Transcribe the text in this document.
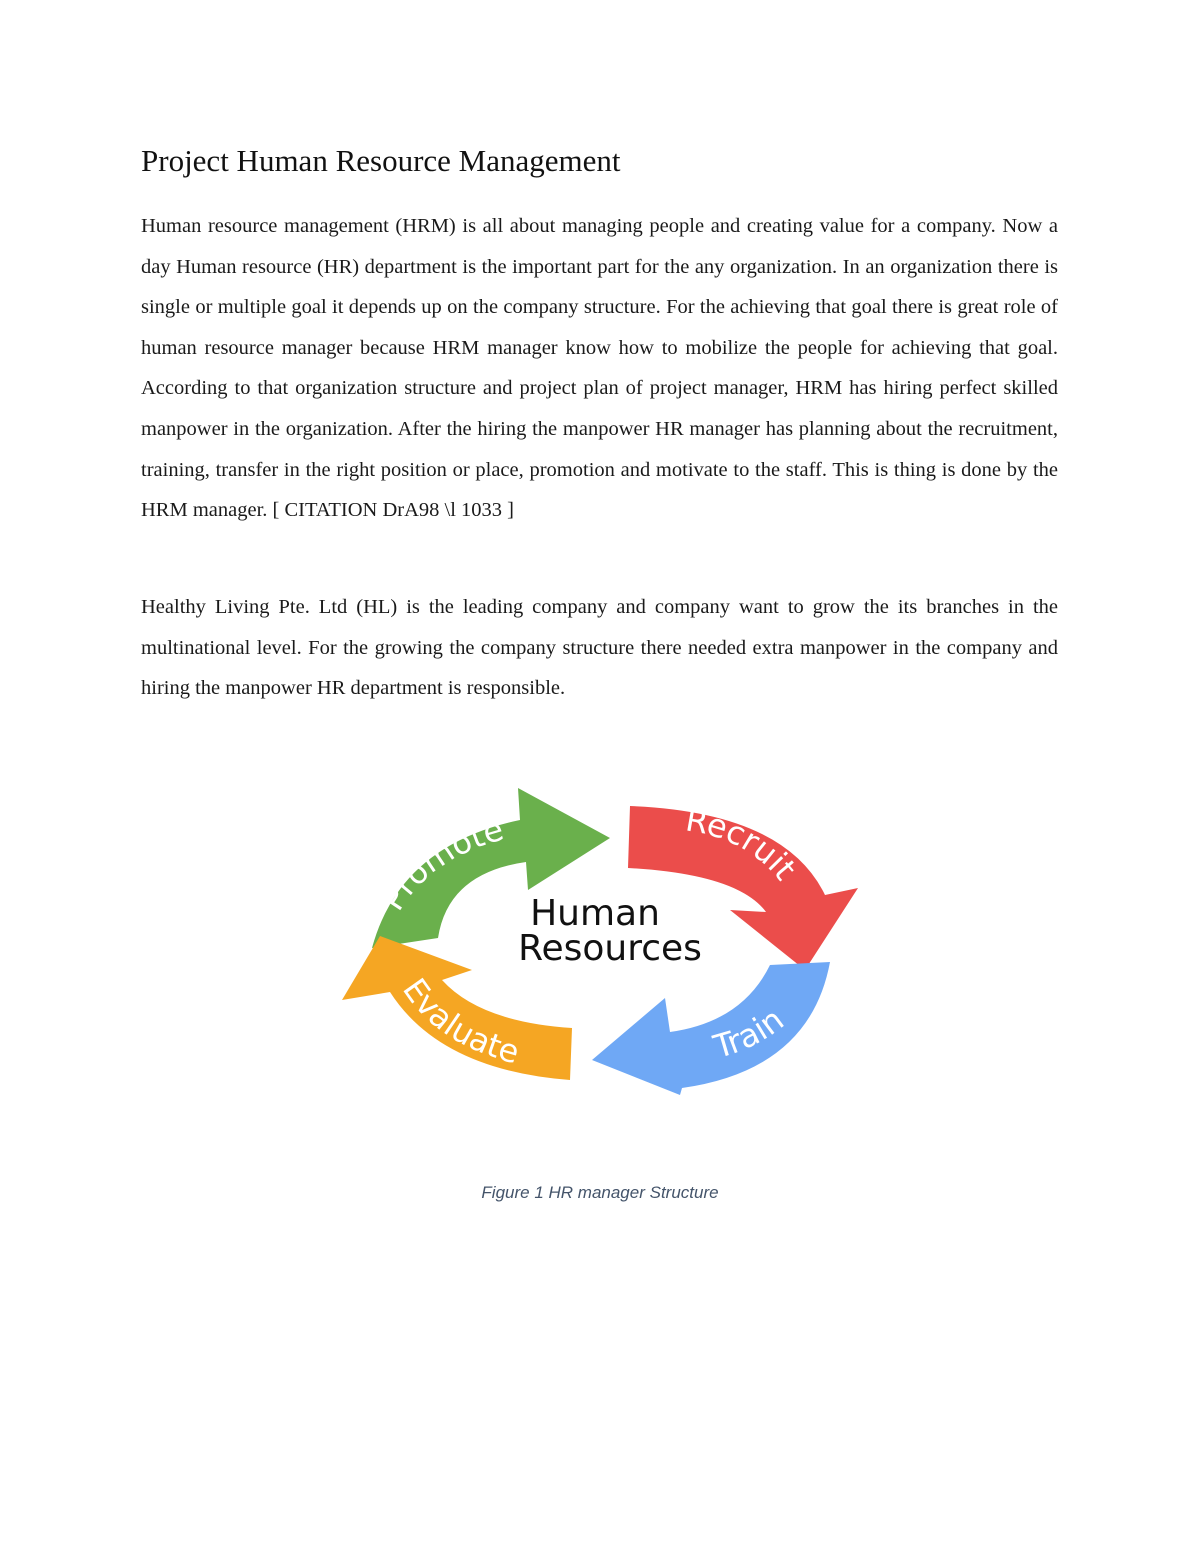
Project Human Resource Management

Human resource management (HRM) is all about managing people and creating value for a company. Now a day Human resource (HR) department is the important part for the any organization. In an organization there is single or multiple goal it depends up on the company structure. For the achieving that goal there is great role of human resource manager because HRM manager know how to mobilize the people for achieving that goal. According to that organization structure and project plan of project manager, HRM has hiring perfect skilled manpower in the organization. After the hiring the manpower HR manager has planning about the recruitment, training, transfer in the right position or place, promotion and motivate to the staff. This is thing is done by the HRM manager. [ CITATION DrA98 \l 1033 ]

Healthy Living Pte. Ltd (HL) is the leading company and company want to grow the its branches in the multinational level. For the growing the company structure there needed extra manpower in the company and hiring the manpower HR department is responsible.

Promote	Recruit
Train
Evaluate
Human
Resources

Figure 1 HR manager Structure
